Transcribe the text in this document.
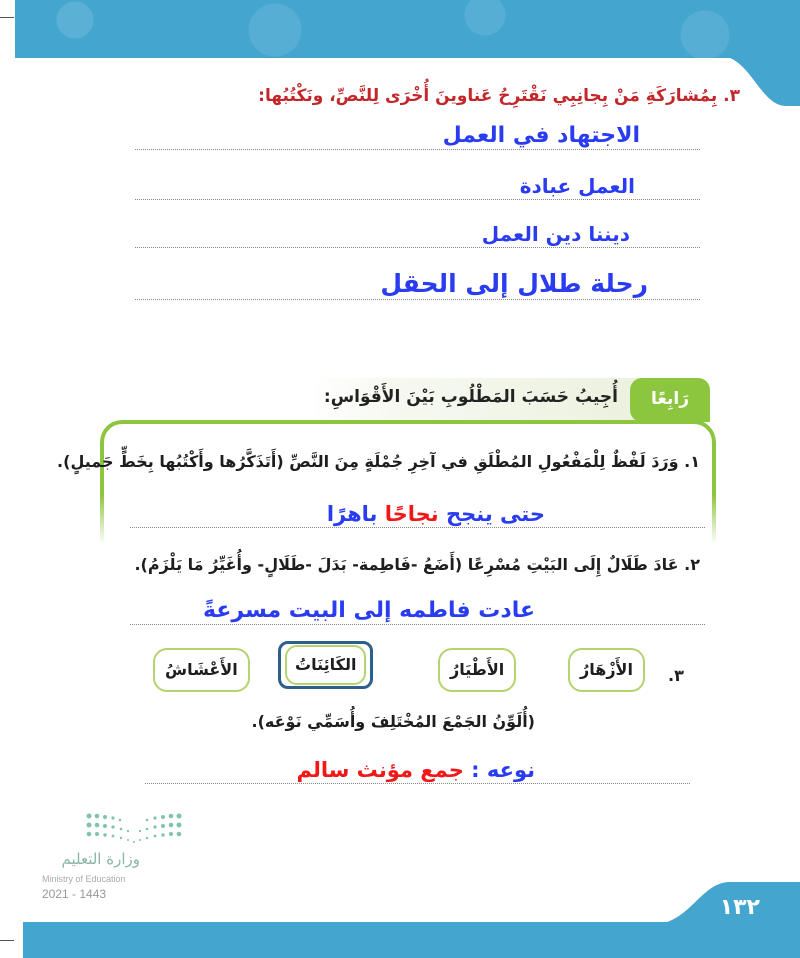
٣. بِمُشارَكَةِ مَنْ بِجانِبِي نَقْتَرِحُ عَناوينَ أُخْرَى لِلنَّصِّ، ونَكْتُبُها:
الاجتهاد في العمل
العمل عبادة
ديننا دين العمل
رحلة طلال إلى الحقل
أُجِيبُ حَسَبَ المَطْلُوبِ بَيْنَ الأَقْوَاسِ:	رَابِعًا
١. وَرَدَ لَفْظٌ لِلْمَفْعُولِ المُطْلَقِ في آخِرِ جُمْلَةٍ مِنَ النَّصِّ (أَتَذَكَّرُها وأَكْتُبُها بِخَطٍّ جَميلٍ).
حتى ينجح نجاحًا باهرًا
٢. عَادَ طَلَالٌ إِلَى البَيْتِ مُسْرِعًا (أَضَعُ -فَاطِمة- بَدَلَ -طَلَالٍ- وأُغَيِّرُ مَا يَلْزَمُ).
عادت فاطمه إلى البيت مسرعةً
٣.
الأَزْهَارُ
الأَطْيَارُ
الكَائِنَاتُ
الأَعْشَاشُ
(أُلَوِّنُ الجَمْعَ المُخْتَلِفَ وأُسَمِّي نَوْعَه).
نوعه : جمع مؤنث سالم
وزارة التعليم
Ministry of Education
2021 - 1443
١٣٢
